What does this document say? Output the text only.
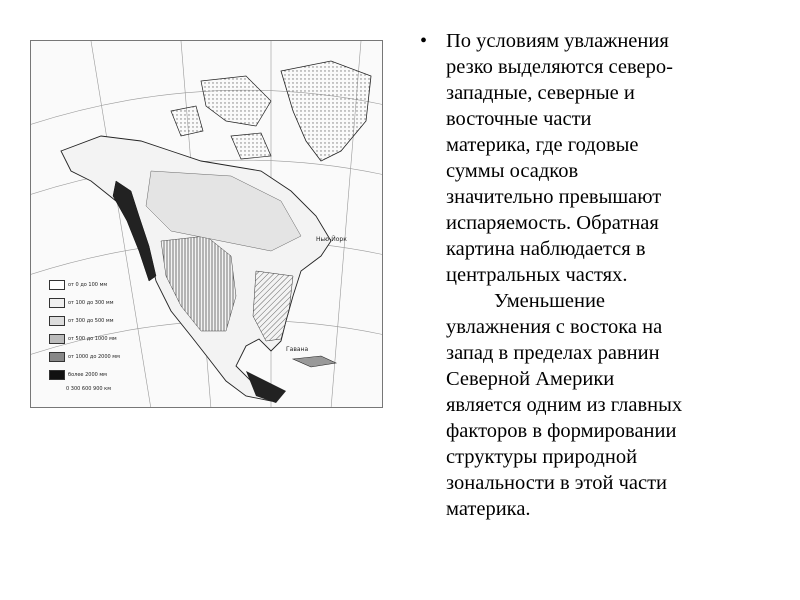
Нью-Йорк
Гавана
от 0 до 100 мм
от 100 до 300 мм
от 300 до 500 мм
от 500 до 1000 мм
от 1000 до 2000 мм
более 2000 мм
0 300 600 900 км
• По условиям увлажнения
резко выделяются северо-
западные, северные и
восточные части
материка, где годовые
суммы осадков
значительно превышают
испаряемость. Обратная
картина наблюдается в
центральных частях.

Уменьшение
увлажнения с востока на
запад в пределах равнин
Северной Америки
является одним из главных
факторов в формировании
структуры природной
зональности в этой части
материка.
